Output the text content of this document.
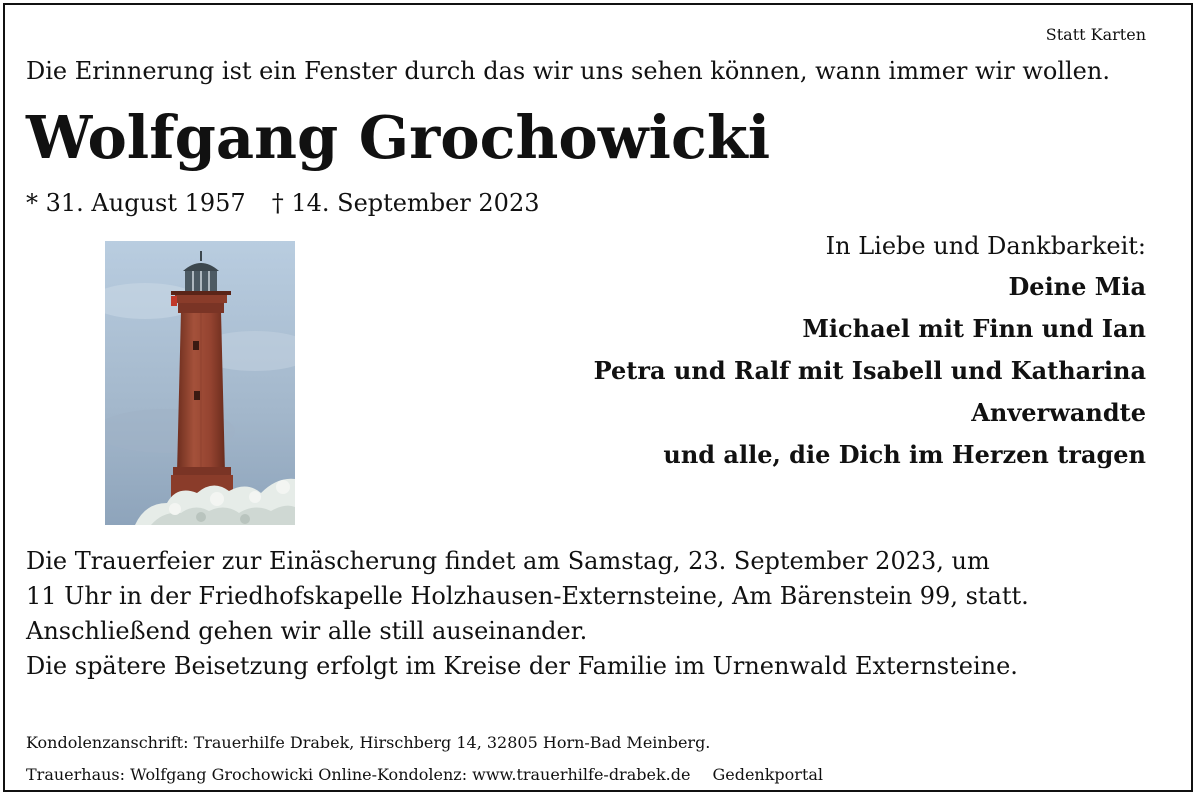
Statt Karten
Die Erinnerung ist ein Fenster durch das wir uns sehen können, wann immer wir wollen.
Wolfgang Grochowicki
* 31. August 1957 † 14. September 2023
In Liebe und Dankbarkeit:
Deine Mia
Michael mit Finn und Ian
Petra und Ralf mit Isabell und Katharina
Anverwandte
und alle, die Dich im Herzen tragen
Die Trauerfeier zur Einäscherung findet am Samstag, 23. September 2023, um
11 Uhr in der Friedhofskapelle Holzhausen-Externsteine, Am Bärenstein 99, statt.
Anschließend gehen wir alle still auseinander.
Die spätere Beisetzung erfolgt im Kreise der Familie im Urnenwald Externsteine.
Kondolenzanschrift: Trauerhilfe Drabek, Hirschberg 14, 32805 Horn-Bad Meinberg.
Trauerhaus: Wolfgang Grochowicki Online-Kondolenz: www.trauerhilfe-drabek.de Gedenkportal
